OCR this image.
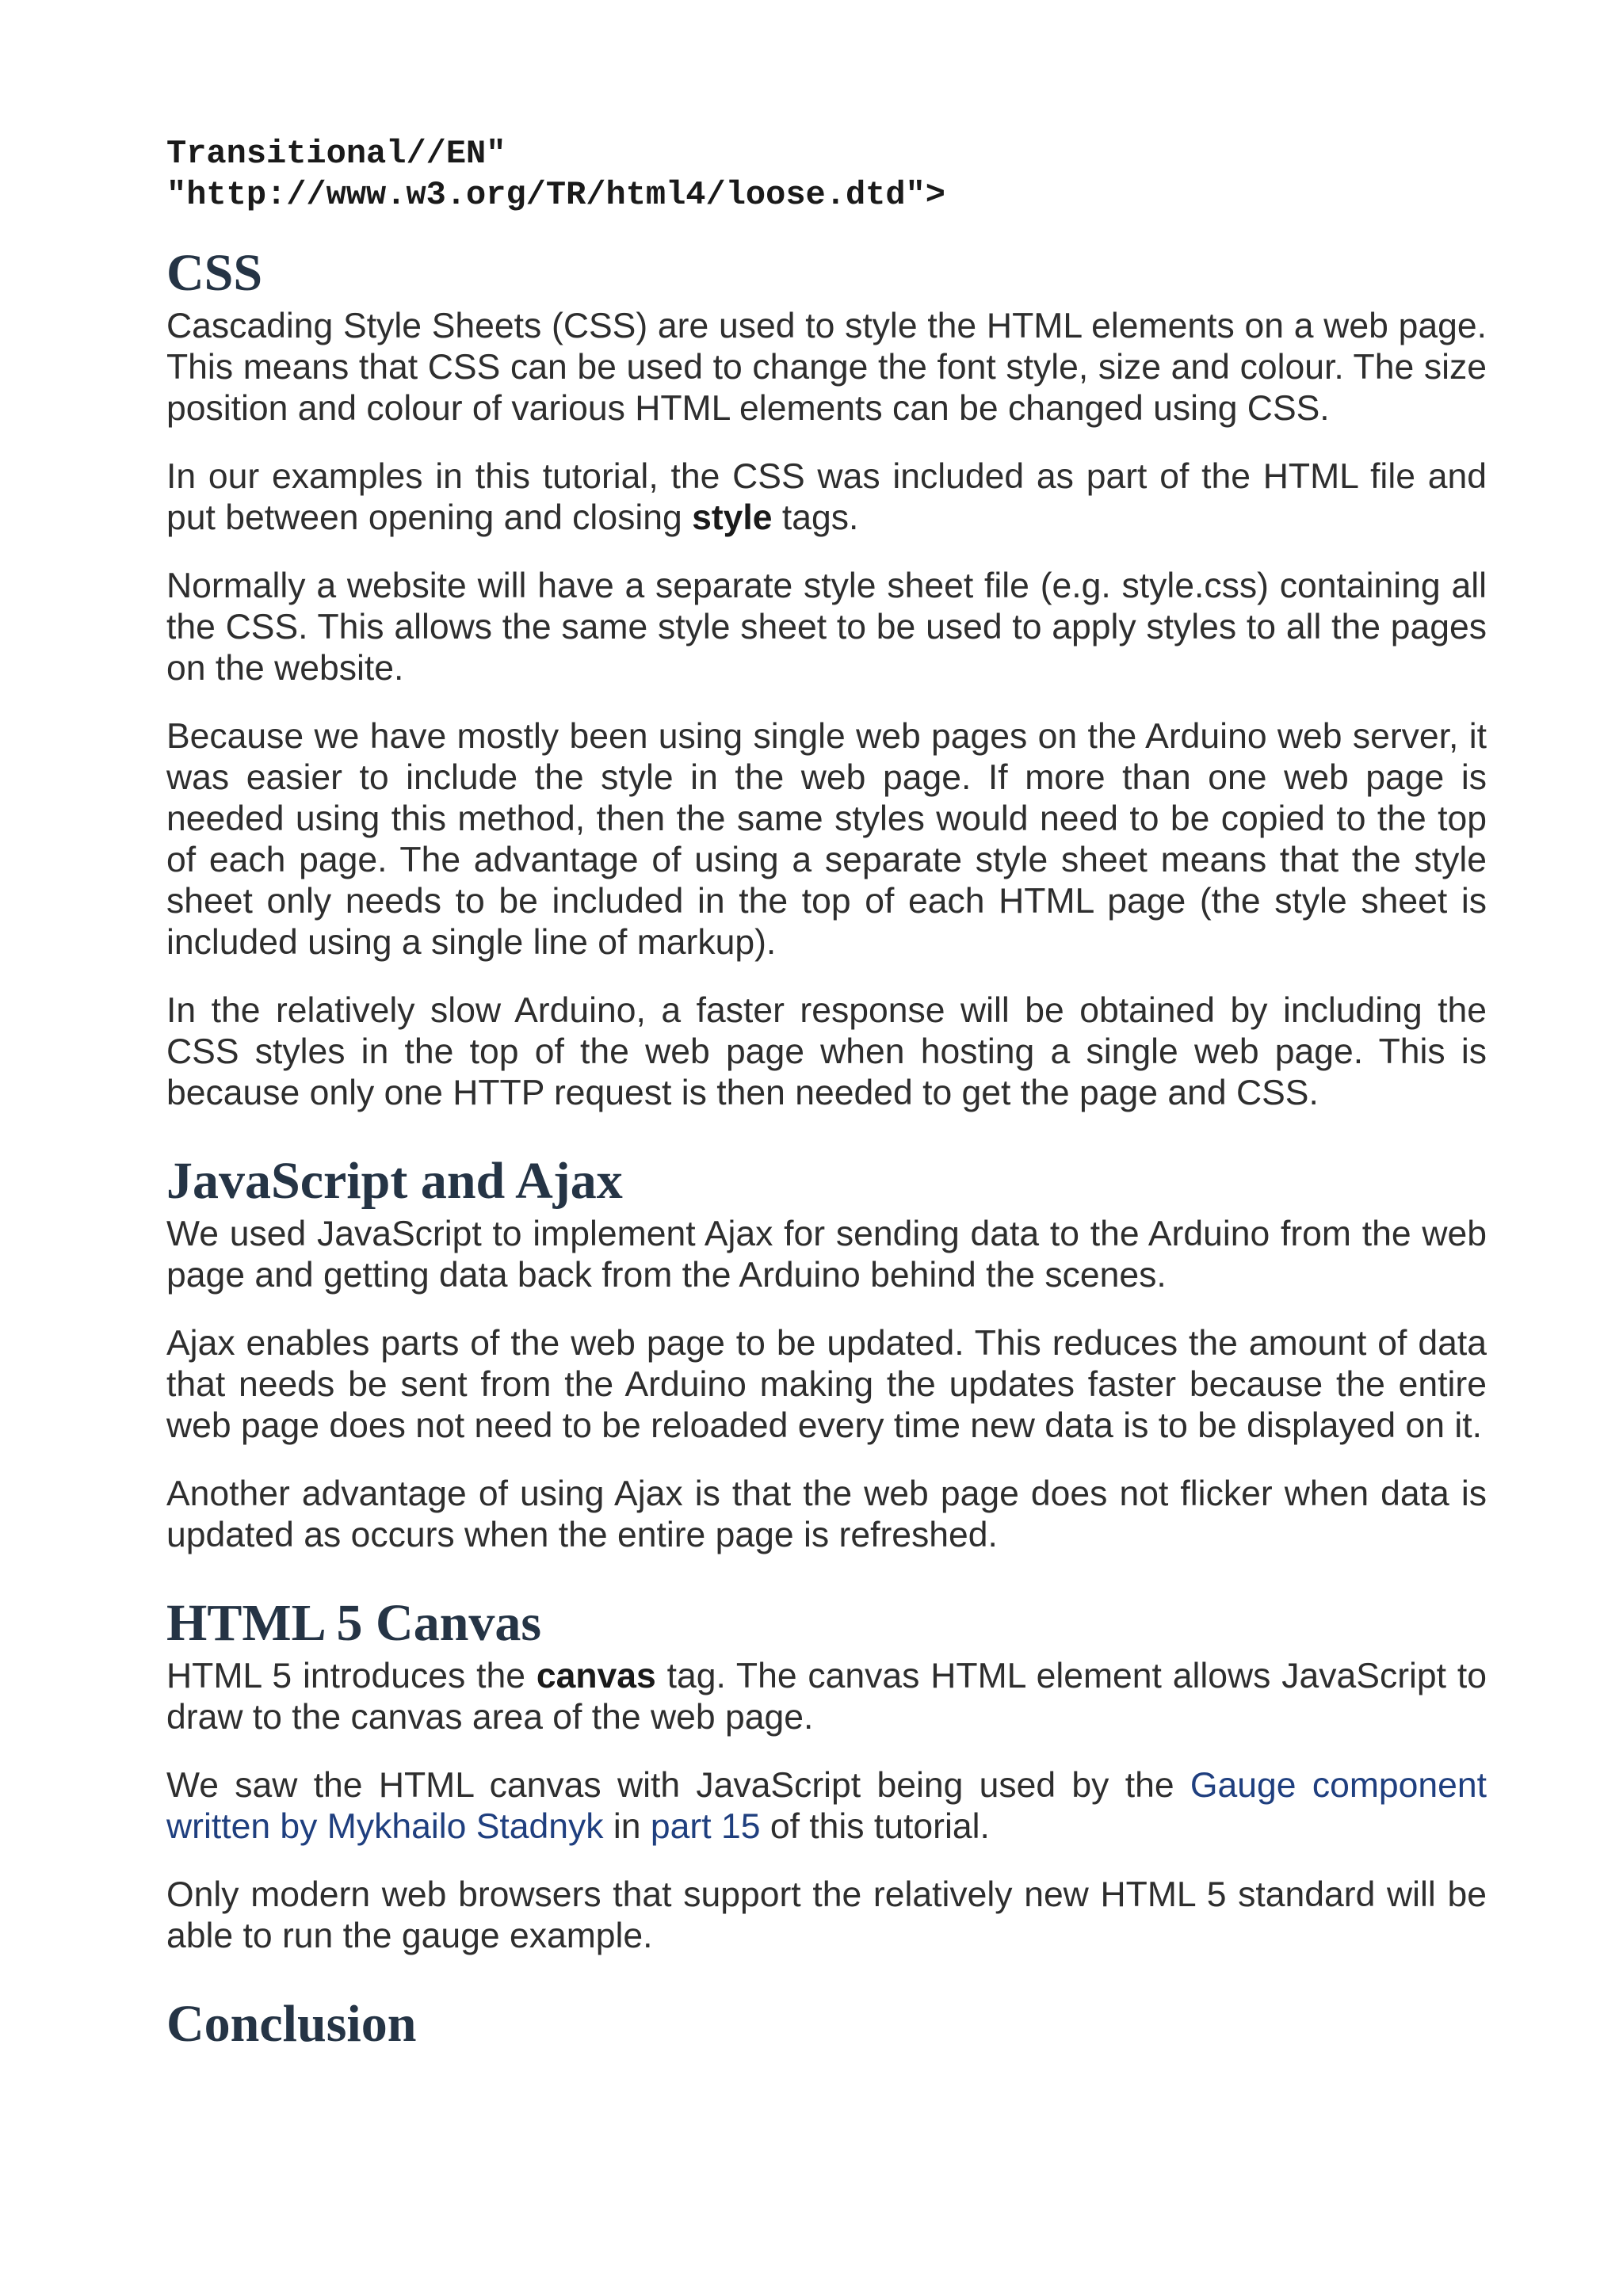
Transitional//EN"
"http://www.w3.org/TR/html4/loose.dtd">
CSS

Cascading Style Sheets (CSS) are used to style the HTML elements on a web page. This means that CSS can be used to change the font style, size and colour. The size position and colour of various HTML elements can be changed using CSS.

In our examples in this tutorial, the CSS was included as part of the HTML file and put between opening and closing style tags.

Normally a website will have a separate style sheet file (e.g. style.css) containing all the CSS. This allows the same style sheet to be used to apply styles to all the pages on the website.

Because we have mostly been using single web pages on the Arduino web server, it was easier to include the style in the web page. If more than one web page is needed using this method, then the same styles would need to be copied to the top of each page. The advantage of using a separate style sheet means that the style sheet only needs to be included in the top of each HTML page (the style sheet is included using a single line of markup).

In the relatively slow Arduino, a faster response will be obtained by including the CSS styles in the top of the web page when hosting a single web page. This is because only one HTTP request is then needed to get the page and CSS.

JavaScript and Ajax

We used JavaScript to implement Ajax for sending data to the Arduino from the web page and getting data back from the Arduino behind the scenes.

Ajax enables parts of the web page to be updated. This reduces the amount of data that needs be sent from the Arduino making the updates faster because the entire web page does not need to be reloaded every time new data is to be displayed on it.

Another advantage of using Ajax is that the web page does not flicker when data is updated as occurs when the entire page is refreshed.

HTML 5 Canvas

HTML 5 introduces the canvas tag. The canvas HTML element allows JavaScript to draw to the canvas area of the web page.

We saw the HTML canvas with JavaScript being used by the Gauge component written by Mykhailo Stadnyk in part 15 of this tutorial.

Only modern web browsers that support the relatively new HTML 5 standard will be able to run the gauge example.

Conclusion
